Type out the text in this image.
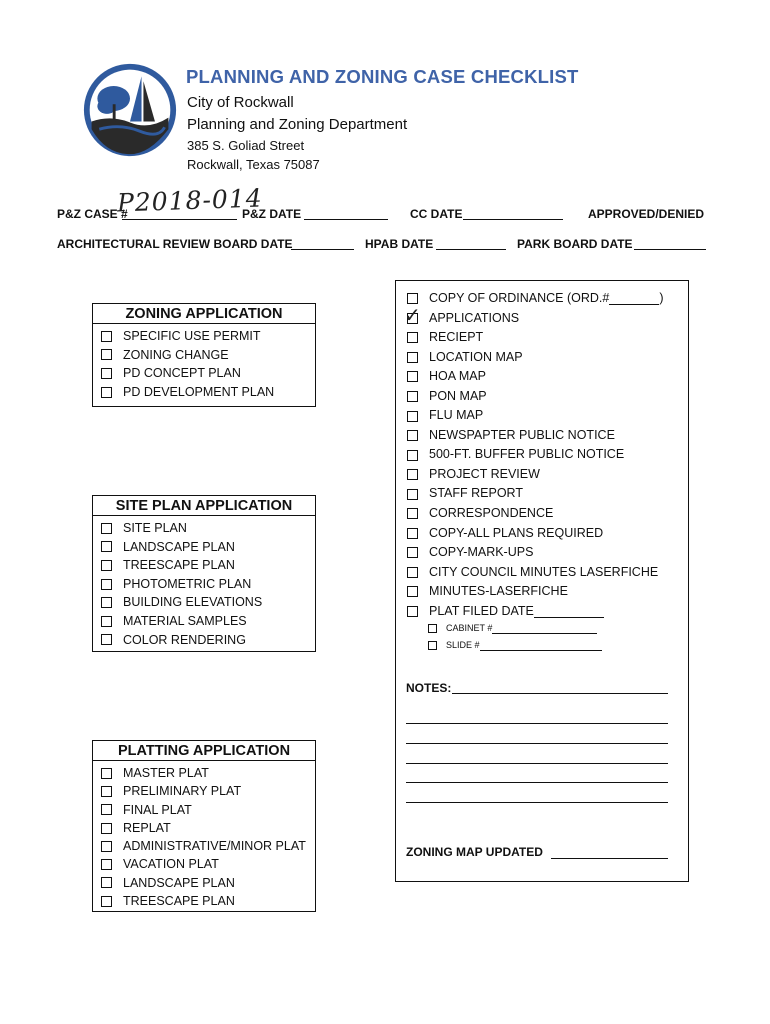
PLANNING AND ZONING CASE CHECKLIST
City of Rockwall
Planning and Zoning Department
385 S. Goliad Street
Rockwall, Texas 75087
P&Z CASE #
P2018-014
P&Z DATE	CC DATE	APPROVED/DENIED
ARCHITECTURAL REVIEW BOARD DATE	HPAB DATE	PARK BOARD DATE
ZONING APPLICATION
SPECIFIC USE PERMIT
ZONING CHANGE
PD CONCEPT PLAN
PD DEVELOPMENT PLAN
SITE PLAN APPLICATION
SITE PLAN
LANDSCAPE PLAN
TREESCAPE PLAN
PHOTOMETRIC PLAN
BUILDING ELEVATIONS
MATERIAL SAMPLES
COLOR RENDERING
PLATTING APPLICATION
MASTER PLAT
PRELIMINARY PLAT
FINAL PLAT
REPLAT
ADMINISTRATIVE/MINOR PLAT
VACATION PLAT
LANDSCAPE PLAN
TREESCAPE PLAN
COPY OF ORDINANCE (ORD.#	)
APPLICATIONS
RECIEPT
LOCATION MAP
HOA MAP
PON MAP
FLU MAP
NEWSPAPTER PUBLIC NOTICE
500-FT. BUFFER PUBLIC NOTICE
PROJECT REVIEW
STAFF REPORT
CORRESPONDENCE
COPY-ALL PLANS REQUIRED
COPY-MARK-UPS
CITY COUNCIL MINUTES LASERFICHE
MINUTES-LASERFICHE
PLAT FILED DATE
✓
CABINET #
SLIDE #
NOTES:
ZONING MAP UPDATED
